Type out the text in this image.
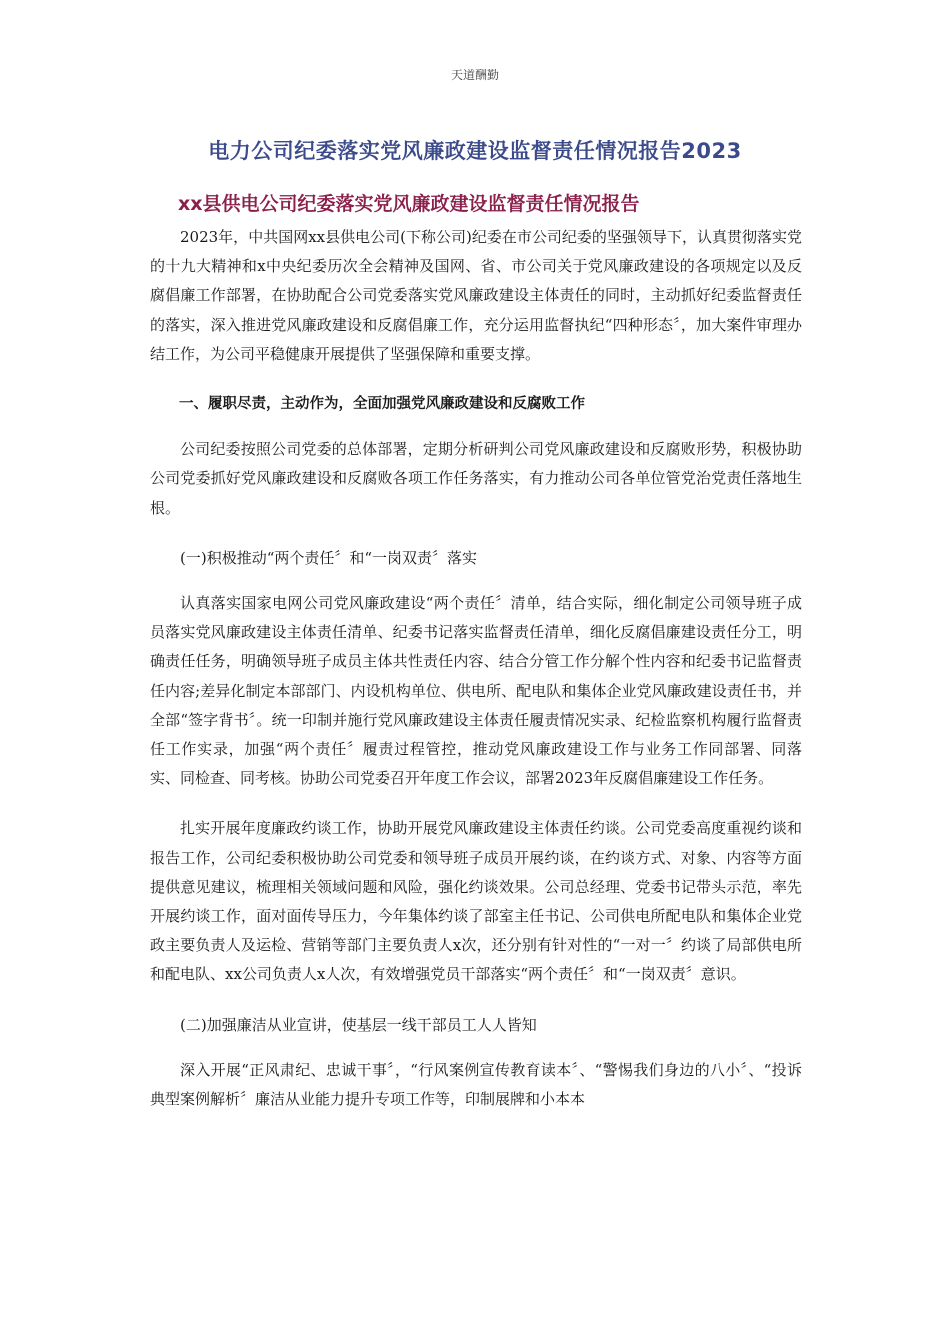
天道酬勤
电力公司纪委落实党风廉政建设监督责任情况报告2023
xx县供电公司纪委落实党风廉政建设监督责任情况报告

2023年，中共国网xx县供电公司(下称公司)纪委在市公司纪委的坚强领导下，认真贯彻落实党的十九大精神和x中央纪委历次全会精神及国网、省、市公司关于党风廉政建设的各项规定以及反腐倡廉工作部署，在协助配合公司党委落实党风廉政建设主体责任的同时，主动抓好纪委监督责任的落实，深入推进党风廉政建设和反腐倡廉工作，充分运用监督执纪“四种形态〞，加大案件审理办结工作，为公司平稳健康开展提供了坚强保障和重要支撑。

一、履职尽责，主动作为，全面加强党风廉政建设和反腐败工作

公司纪委按照公司党委的总体部署，定期分析研判公司党风廉政建设和反腐败形势，积极协助公司党委抓好党风廉政建设和反腐败各项工作任务落实，有力推动公司各单位管党治党责任落地生根。

(一)积极推动“两个责任〞和“一岗双责〞落实

认真落实国家电网公司党风廉政建设“两个责任〞清单，结合实际，细化制定公司领导班子成员落实党风廉政建设主体责任清单、纪委书记落实监督责任清单，细化反腐倡廉建设责任分工，明确责任任务，明确领导班子成员主体共性责任内容、结合分管工作分解个性内容和纪委书记监督责任内容;差异化制定本部部门、内设机构单位、供电所、配电队和集体企业党风廉政建设责任书，并全部“签字背书〞。统一印制并施行党风廉政建设主体责任履责情况实录、纪检监察机构履行监督责任工作实录，加强“两个责任〞履责过程管控，推动党风廉政建设工作与业务工作同部署、同落实、同检查、同考核。协助公司党委召开年度工作会议，部署2023年反腐倡廉建设工作任务。

扎实开展年度廉政约谈工作，协助开展党风廉政建设主体责任约谈。公司党委高度重视约谈和报告工作，公司纪委积极协助公司党委和领导班子成员开展约谈，在约谈方式、对象、内容等方面提供意见建议，梳理相关领域问题和风险，强化约谈效果。公司总经理、党委书记带头示范，率先开展约谈工作，面对面传导压力，今年集体约谈了部室主任书记、公司供电所配电队和集体企业党政主要负责人及运检、营销等部门主要负责人x次，还分别有针对性的“一对一〞约谈了局部供电所和配电队、xx公司负责人x人次，有效增强党员干部落实“两个责任〞和“一岗双责〞意识。

(二)加强廉洁从业宣讲，使基层一线干部员工人人皆知

深入开展“正风肃纪、忠诚干事〞，“行风案例宣传教育读本〞、“警惕我们身边的八小〞、“投诉典型案例解析〞廉洁从业能力提升专项工作等，印制展牌和小本本
